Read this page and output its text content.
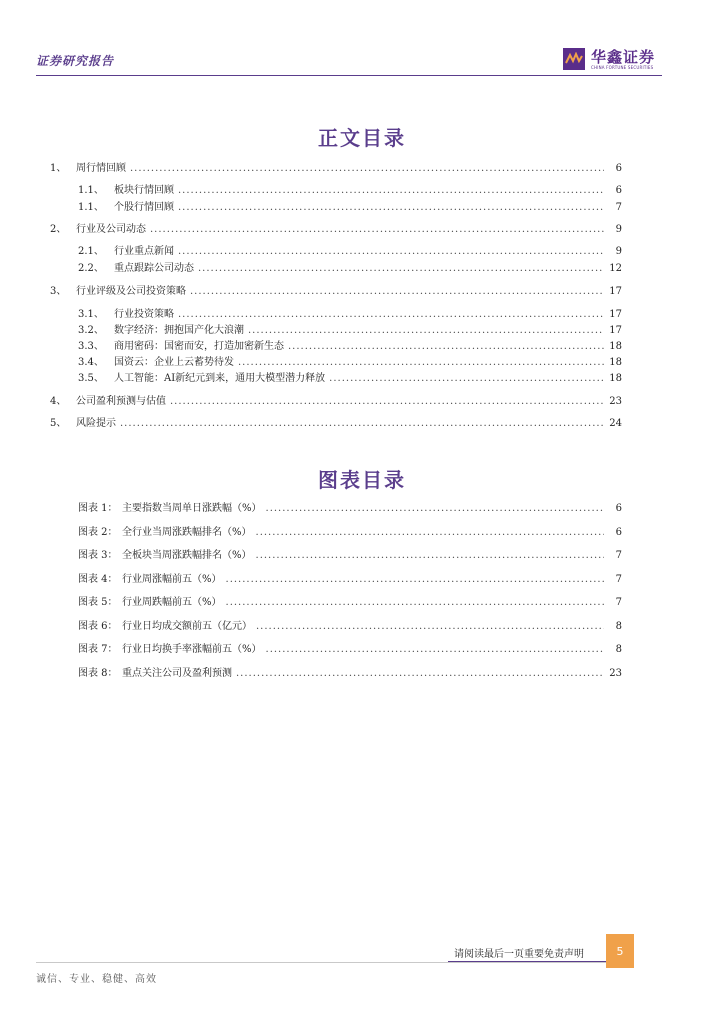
证券研究报告	华鑫证券
CHINA FORTUNE SECURITIES
正文目录
1、 周行情回顾 .....	6
1.1、	板块行情回顾 .....	6
1.1、	个股行情回顾 .....	7
2、 行业及公司动态 .....	9
2.1、	行业重点新闻 .....	9
2.2、	重点跟踪公司动态 .....	12
3、 行业评级及公司投资策略 .....	17
3.1、	行业投资策略 .....	17
3.2、	数字经济：拥抱国产化大浪潮 .....	17
3.3、	商用密码：国密而安，打造加密新生态 .....	18
3.4、	国资云：企业上云蓄势待发 .....	18
3.5、	人工智能：AI新纪元到来，通用大模型潜力释放 .....	18
4、 公司盈利预测与估值 .....	23
5、 风险提示 .....	24
图表目录
图表 1： 主要指数当周单日涨跌幅（%） .....	6
图表 2： 全行业当周涨跌幅排名（%） .....	6
图表 3： 全板块当周涨跌幅排名（%） .....	7
图表 4： 行业周涨幅前五（%） .....	7
图表 5： 行业周跌幅前五（%） .....	7
图表 6： 行业日均成交额前五（亿元） .....	8
图表 7： 行业日均换手率涨幅前五（%） .....	8
图表 8： 重点关注公司及盈利预测 .....	23
请阅读最后一页重要免责声明	5
诚信、专业、稳健、高效
